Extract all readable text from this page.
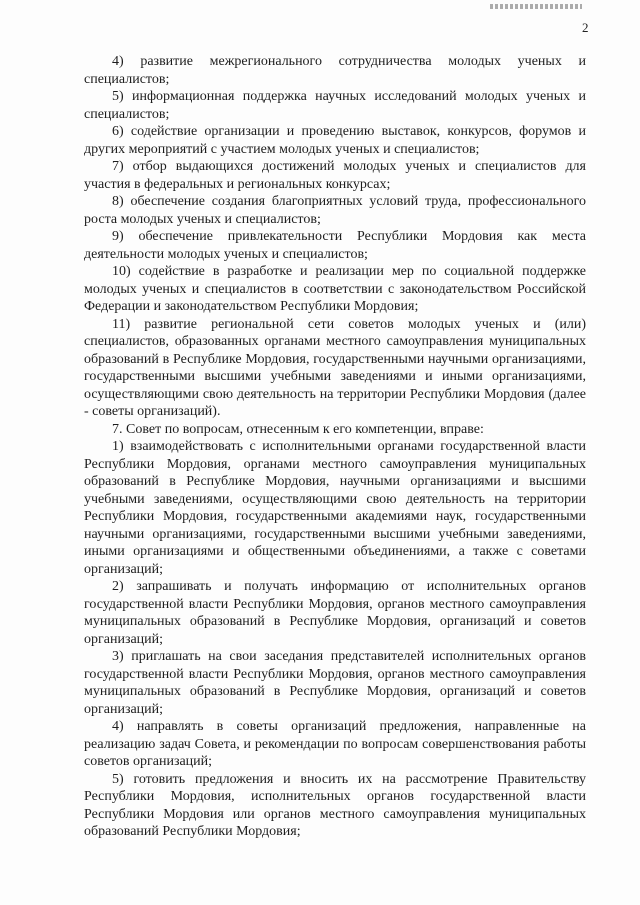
2

4) развитие межрегионального сотрудничества молодых ученых и специалистов;

5) информационная поддержка научных исследований молодых ученых и специалистов;

6) содействие организации и проведению выставок, конкурсов, форумов и других мероприятий с участием молодых ученых и специалистов;

7) отбор выдающихся достижений молодых ученых и специалистов для участия в федеральных и региональных конкурсах;

8) обеспечение создания благоприятных условий труда, профессионального роста молодых ученых и специалистов;

9) обеспечение привлекательности Республики Мордовия как места деятельности молодых ученых и специалистов;

10) содействие в разработке и реализации мер по социальной поддержке молодых ученых и специалистов в соответствии с законодательством Российской Федерации и законодательством Республики Мордовия;

11) развитие региональной сети советов молодых ученых и (или) специалистов, образованных органами местного самоуправления муниципальных образований в Республике Мордовия, государственными научными организациями, государственными высшими учебными заведениями и иными организациями, осуществляющими свою деятельность на территории Республики Мордовия (далее - советы организаций).

7. Совет по вопросам, отнесенным к его компетенции, вправе:

1) взаимодействовать с исполнительными органами государственной власти Республики Мордовия, органами местного самоуправления муниципальных образований в Республике Мордовия, научными организациями и высшими учебными заведениями, осуществляющими свою деятельность на территории Республики Мордовия, государственными академиями наук, государственными научными организациями, государственными высшими учебными заведениями, иными организациями и общественными объединениями, а также с советами организаций;

2) запрашивать и получать информацию от исполнительных органов государственной власти Республики Мордовия, органов местного самоуправления муниципальных образований в Республике Мордовия, организаций и советов организаций;

3) приглашать на свои заседания представителей исполнительных органов государственной власти Республики Мордовия, органов местного самоуправления муниципальных образований в Республике Мордовия, организаций и советов организаций;

4) направлять в советы организаций предложения, направленные на реализацию задач Совета, и рекомендации по вопросам совершенствования работы советов организаций;

5) готовить предложения и вносить их на рассмотрение Правительству Республики Мордовия, исполнительных органов государственной власти Республики Мордовия или органов местного самоуправления муниципальных образований Республики Мордовия;
